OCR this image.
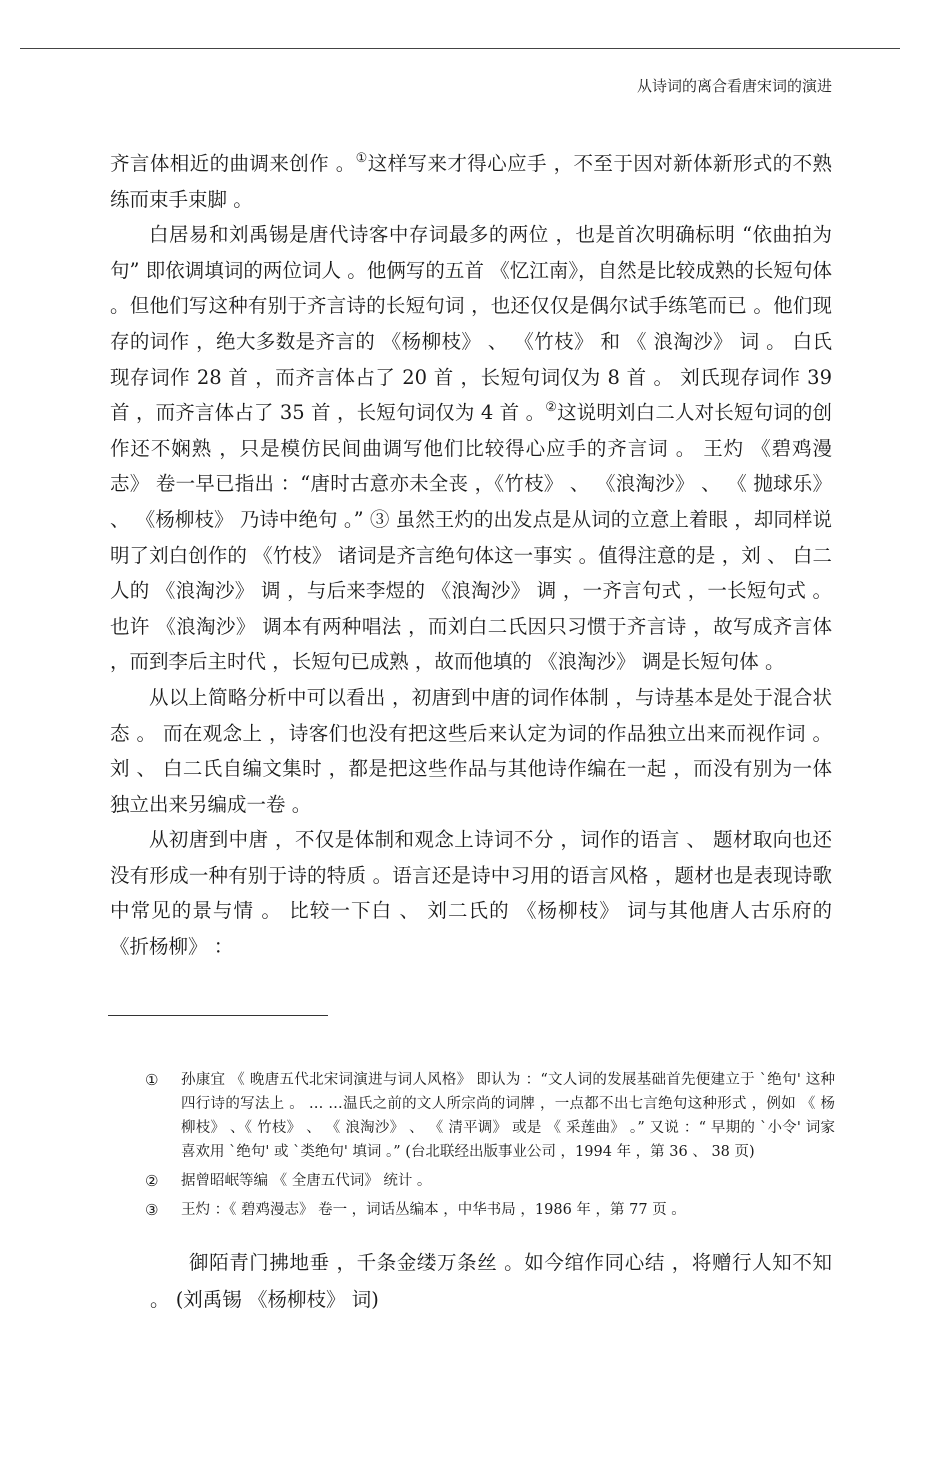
从诗词的离合看唐宋词的演进

齐言体相近的曲调来创作 。①这样写来才得心应手 ，不至于因对新体新形式的不熟练而束手束脚 。

白居易和刘禹锡是唐代诗客中存词最多的两位 ，也是首次明确标明 “依曲拍为句” 即依调填词的两位词人 。他俩写的五首 《忆江南》，自然是比较成熟的长短句体 。但他们写这种有别于齐言诗的长短句词 ，也还仅仅是偶尔试手练笔而已 。他们现存的词作 ，绝大多数是齐言的 《杨柳枝》 、 《竹枝》 和 《 浪淘沙》 词 。 白氏现存词作 28 首 ，而齐言体占了 20 首 ，长短句词仅为 8 首 。 刘氏现存词作 39 首 ，而齐言体占了 35 首 ，长短句词仅为 4 首 。②这说明刘白二人对长短句词的创作还不娴熟 ，只是模仿民间曲调写他们比较得心应手的齐言词 。 王灼 《碧鸡漫志》 卷一早已指出 ：“唐时古意亦未全丧 ，《竹枝》 、 《浪淘沙》 、 《 抛球乐》 、 《杨柳枝》 乃诗中绝句 。” ③ 虽然王灼的出发点是从词的立意上着眼 ，却同样说明了刘白创作的 《竹枝》 诸词是齐言绝句体这一事实 。值得注意的是 ，刘 、 白二人的 《浪淘沙》 调 ，与后来李煜的 《浪淘沙》 调 ，一齐言句式 ，一长短句式 。也许 《浪淘沙》 调本有两种唱法 ，而刘白二氏因只习惯于齐言诗 ，故写成齐言体 ，而到李后主时代 ，长短句已成熟 ，故而他填的 《浪淘沙》 调是长短句体 。

从以上简略分析中可以看出 ，初唐到中唐的词作体制 ，与诗基本是处于混合状态 。 而在观念上 ，诗客们也没有把这些后来认定为词的作品独立出来而视作词 。刘 、 白二氏自编文集时 ，都是把这些作品与其他诗作编在一起 ，而没有别为一体独立出来另编成一卷 。

从初唐到中唐 ，不仅是体制和观念上诗词不分 ，词作的语言 、 题材取向也还没有形成一种有别于诗的特质 。语言还是诗中习用的语言风格 ，题材也是表现诗歌中常见的景与情 。 比较一下白 、 刘二氏的 《杨柳枝》 词与其他唐人古乐府的 《折杨柳》 ：

①	孙康宜 《 晚唐五代北宋词演进与词人风格》 即认为 ：“文人词的发展基础首先便建立于 `绝句' 这种四行诗的写法上 。 … …温氏之前的文人所宗尚的词牌 ，一点都不出七言绝句这种形式 ，例如 《 杨柳枝》 、《 竹枝》 、 《 浪淘沙》 、 《 清平调》 或是 《 采莲曲》 。” 又说 ：“ 早期的 `小令' 词家喜欢用 `绝句' 或 `类绝句' 填词 。” (台北联经出版事业公司 ，1994 年 ，第 36 、 38 页)
②	据曾昭岷等编 《 全唐五代词》 统计 。
③	王灼 ：《 碧鸡漫志》 卷一 ，词话丛编本 ，中华书局 ，1986 年 ，第 77 页 。

御陌青门拂地垂 ，千条金缕万条丝 。如今绾作同心结 ，将赠行人知不知 。 (刘禹锡 《杨柳枝》 词)
